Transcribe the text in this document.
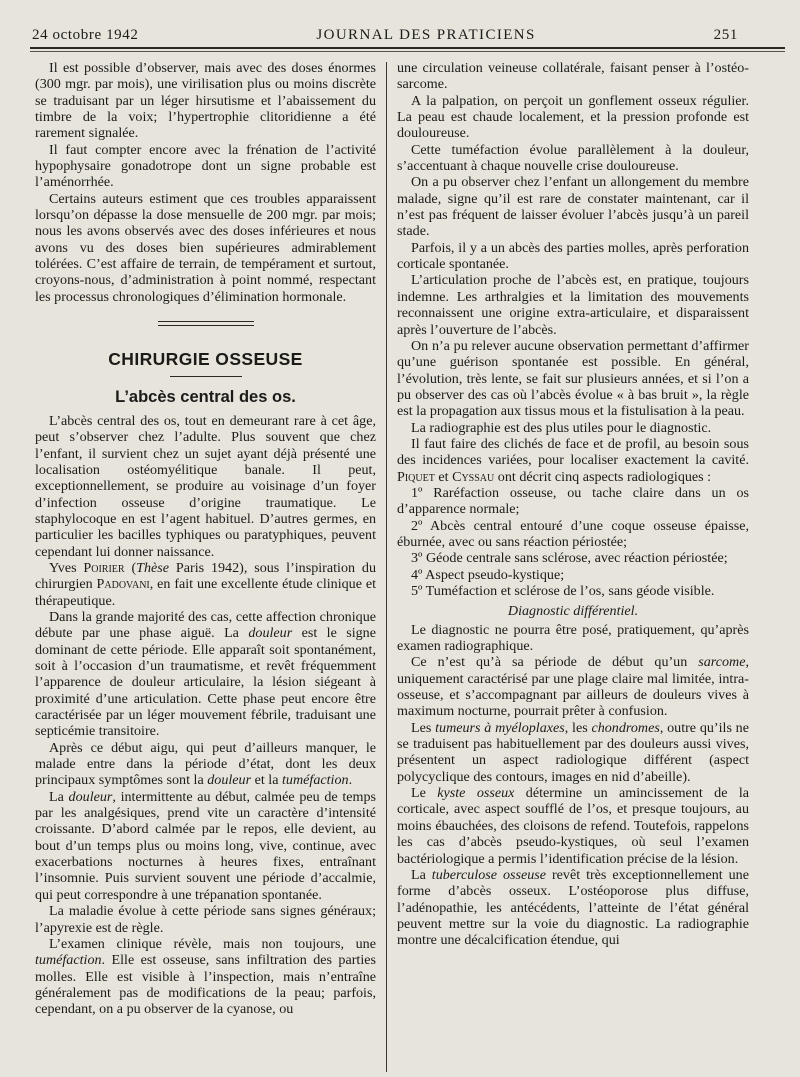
24 octobre 1942	JOURNAL DES PRATICIENS	251

Il est possible d’observer, mais avec des doses énormes (300 mgr. par mois), une virilisation plus ou moins discrète se traduisant par un léger hirsutisme et l’abaissement du timbre de la voix; l’hypertrophie clitoridienne a été rarement signalée.

Il faut compter encore avec la frénation de l’activité hypophysaire gonadotrope dont un signe probable est l’aménorrhée.

Certains auteurs estiment que ces troubles apparaissent lorsqu’on dépasse la dose mensuelle de 200 mgr. par mois; nous les avons observés avec des doses inférieures et nous avons vu des doses bien supérieures admirablement tolérées. C’est affaire de terrain, de tempérament et surtout, croyons-nous, d’administration à point nommé, respectant les processus chronologiques d’élimination hormonale.

CHIRURGIE OSSEUSE
L’abcès central des os.

L’abcès central des os, tout en demeurant rare à cet âge, peut s’observer chez l’adulte. Plus souvent que chez l’enfant, il survient chez un sujet ayant déjà présenté une localisation ostéomyélitique banale. Il peut, exceptionnellement, se produire au voisinage d’un foyer d’infection osseuse d’origine traumatique. Le staphylocoque en est l’agent habituel. D’autres germes, en particulier les bacilles typhiques ou paratyphiques, peuvent cependant lui donner naissance.

Yves Poirier (Thèse Paris 1942), sous l’inspiration du chirurgien Padovani, en fait une excellente étude clinique et thérapeutique.

Dans la grande majorité des cas, cette affection chronique débute par une phase aiguë. La douleur est le signe dominant de cette période. Elle apparaît soit spontanément, soit à l’occasion d’un traumatisme, et revêt fréquemment l’apparence de douleur articulaire, la lésion siégeant à proximité d’une articulation. Cette phase peut encore être caractérisée par un léger mouvement fébrile, traduisant une septicémie transitoire.

Après ce début aigu, qui peut d’ailleurs manquer, le malade entre dans la période d’état, dont les deux principaux symptômes sont la douleur et la tuméfaction.

La douleur, intermittente au début, calmée peu de temps par les analgésiques, prend vite un caractère d’intensité croissante. D’abord calmée par le repos, elle devient, au bout d’un temps plus ou moins long, vive, continue, avec exacerbations nocturnes à heures fixes, entraînant l’insomnie. Puis survient souvent une période d’accalmie, qui peut correspondre à une trépanation spontanée.

La maladie évolue à cette période sans signes généraux; l’apyrexie est de règle.

L’examen clinique révèle, mais non toujours, une tuméfaction. Elle est osseuse, sans infiltration des parties molles. Elle est visible à l’inspection, mais n’entraîne généralement pas de modifications de la peau; parfois, cependant, on a pu observer de la cyanose, ou

une circulation veineuse collatérale, faisant penser à l’ostéo-sarcome.

A la palpation, on perçoit un gonflement osseux régulier. La peau est chaude localement, et la pression profonde est douloureuse.

Cette tuméfaction évolue parallèlement à la douleur, s’accentuant à chaque nouvelle crise douloureuse.

On a pu observer chez l’enfant un allongement du membre malade, signe qu’il est rare de constater maintenant, car il n’est pas fréquent de laisser évoluer l’abcès jusqu’à un pareil stade.

Parfois, il y a un abcès des parties molles, après perforation corticale spontanée.

L’articulation proche de l’abcès est, en pratique, toujours indemne. Les arthralgies et la limitation des mouvements reconnaissent une origine extra-articulaire, et disparaissent après l’ouverture de l’abcès.

On n’a pu relever aucune observation permettant d’affirmer qu’une guérison spontanée est possible. En général, l’évolution, très lente, se fait sur plusieurs années, et si l’on a pu observer des cas où l’abcès évolue « à bas bruit », la règle est la propagation aux tissus mous et la fistulisation à la peau.

La radiographie est des plus utiles pour le diagnostic.

Il faut faire des clichés de face et de profil, au besoin sous des incidences variées, pour localiser exactement la cavité. Piquet et Cyssau ont décrit cinq aspects radiologiques :

1º Raréfaction osseuse, ou tache claire dans un os d’apparence normale;

2º Abcès central entouré d’une coque osseuse épaisse, éburnée, avec ou sans réaction périostée;

3º Géode centrale sans sclérose, avec réaction périostée;

4º Aspect pseudo-kystique;

5º Tuméfaction et sclérose de l’os, sans géode visible.

Diagnostic différentiel.

Le diagnostic ne pourra être posé, pratiquement, qu’après examen radiographique.

Ce n’est qu’à sa période de début qu’un sarcome, uniquement caractérisé par une plage claire mal limitée, intra-osseuse, et s’accompagnant par ailleurs de douleurs vives à maximum nocturne, pourrait prêter à confusion.

Les tumeurs à myéloplaxes, les chondromes, outre qu’ils ne se traduisent pas habituellement par des douleurs aussi vives, présentent un aspect radiologique différent (aspect polycyclique des contours, images en nid d’abeille).

Le kyste osseux détermine un amincissement de la corticale, avec aspect soufflé de l’os, et presque toujours, au moins ébauchées, des cloisons de refend. Toutefois, rappelons les cas d’abcès pseudo-kystiques, où seul l’examen bactériologique a permis l’identification précise de la lésion.

La tuberculose osseuse revêt très exceptionnellement une forme d’abcès osseux. L’ostéoporose plus diffuse, l’adénopathie, les antécédents, l’atteinte de l’état général peuvent mettre sur la voie du diagnostic. La radiographie montre une décalcification étendue, qui
